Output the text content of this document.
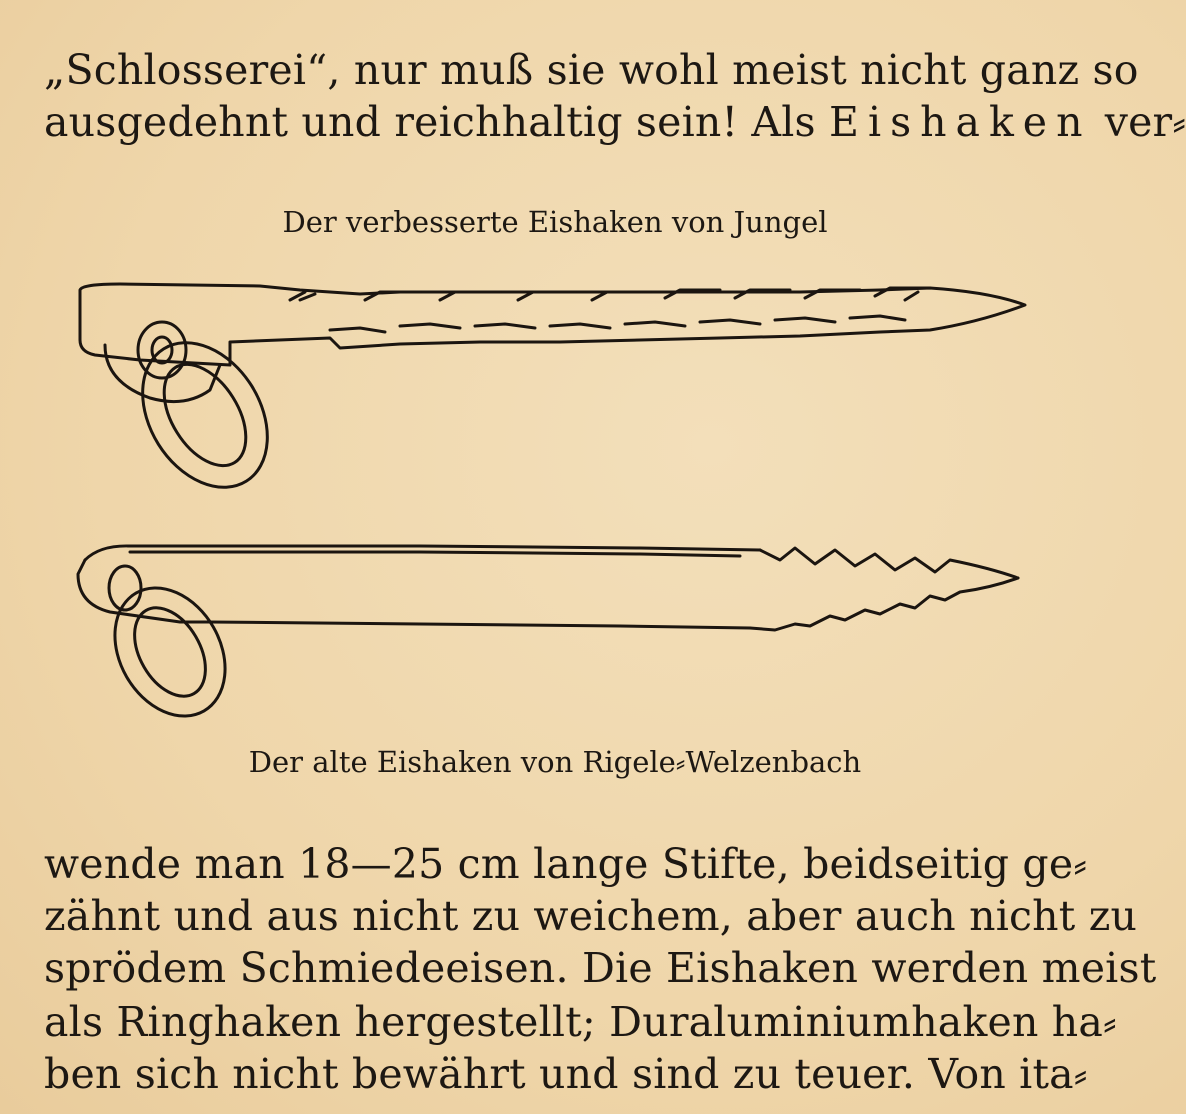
„Schlosserei“, nur muß sie wohl meist nicht ganz so
ausgedehnt und reichhaltig sein! Als Eishaken ver⸗
Der verbesserte Eishaken von Jungel
Der alte Eishaken von Rigele⸗Welzenbach
wende man 18—25 cm lange Stifte, beidseitig ge⸗
zähnt und aus nicht zu weichem, aber auch nicht zu
sprödem Schmiedeeisen. Die Eishaken werden meist
als Ringhaken hergestellt; Duraluminiumhaken ha⸗
ben sich nicht bewährt und sind zu teuer. Von ita⸗
